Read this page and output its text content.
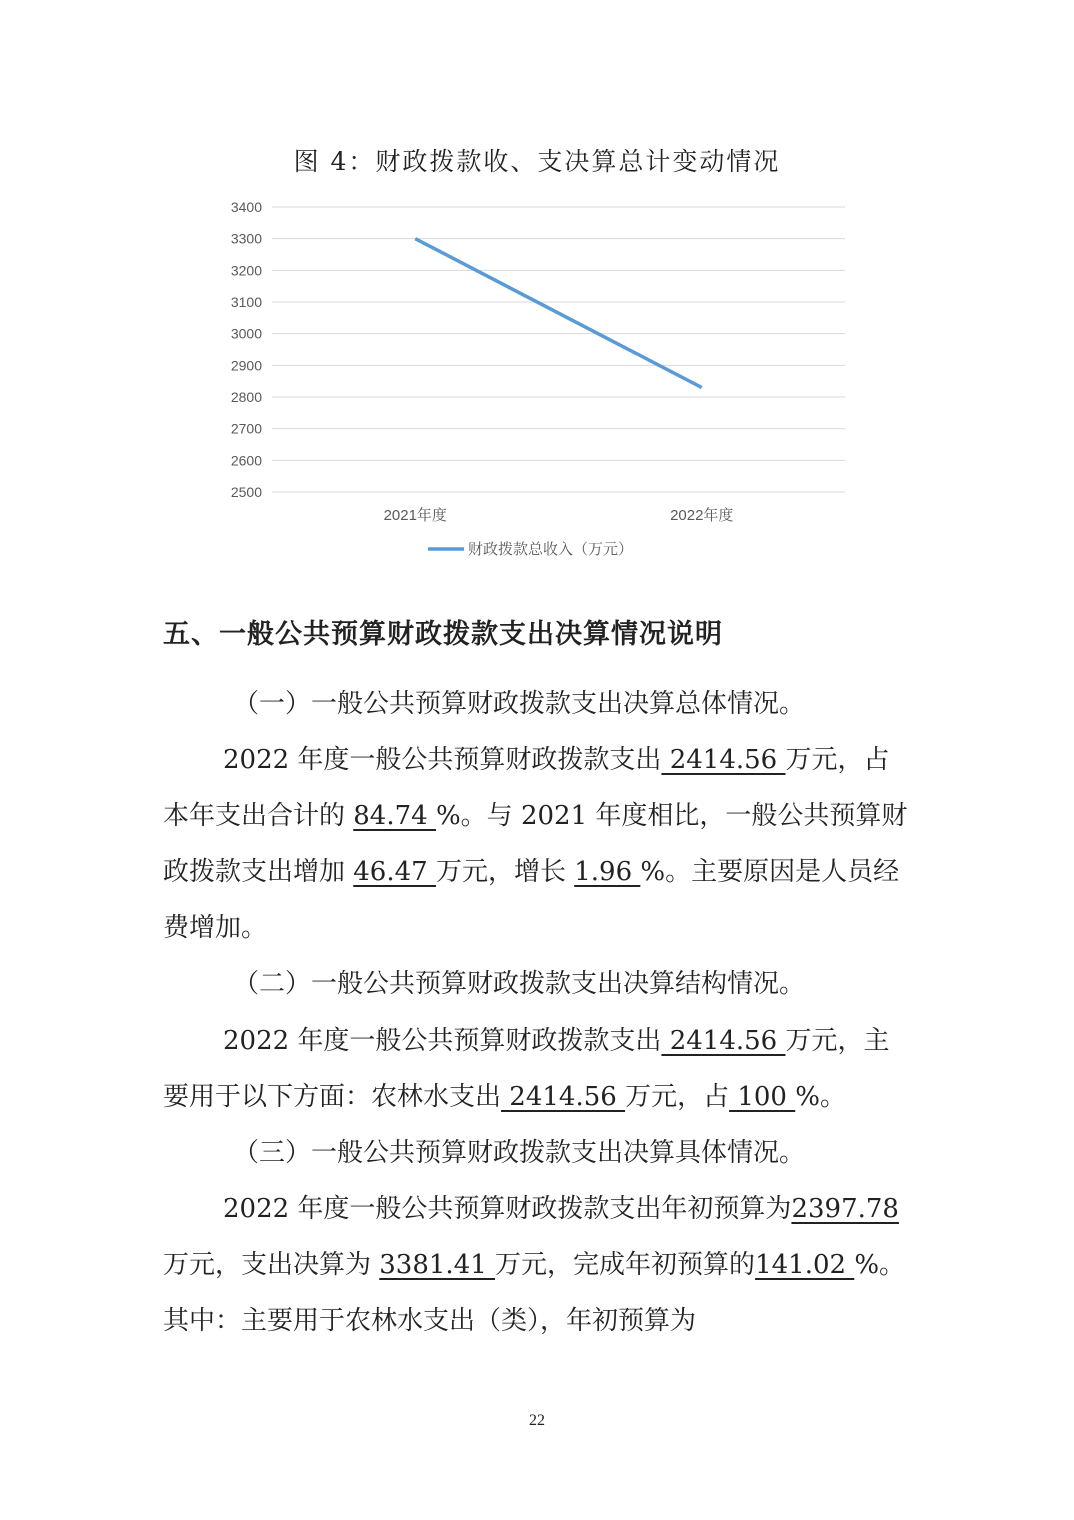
图 4：财政拨款收、支决算总计变动情况
2500
2600
2700
2800
2900
3000
3100
3200
3300
3400
2021年度	2022年度
财政拨款总收入（万元）
五、一般公共预算财政拨款支出决算情况说明

（一）一般公共预算财政拨款支出决算总体情况。

2022 年度一般公共预算财政拨款支出 2414.56 万元，占本年支出合计的 84.74 %。与 2021 年度相比，一般公共预算财政拨款支出增加 46.47 万元，增长 1.96 %。主要原因是人员经费增加。

（二）一般公共预算财政拨款支出决算结构情况。

2022 年度一般公共预算财政拨款支出 2414.56 万元，主要用于以下方面：农林水支出 2414.56 万元，占 100 %。

（三）一般公共预算财政拨款支出决算具体情况。

2022 年度一般公共预算财政拨款支出年初预算为2397.78 万元，支出决算为 3381.41 万元，完成年初预算的141.02 %。其中：主要用于农林水支出（类），年初预算为

22
